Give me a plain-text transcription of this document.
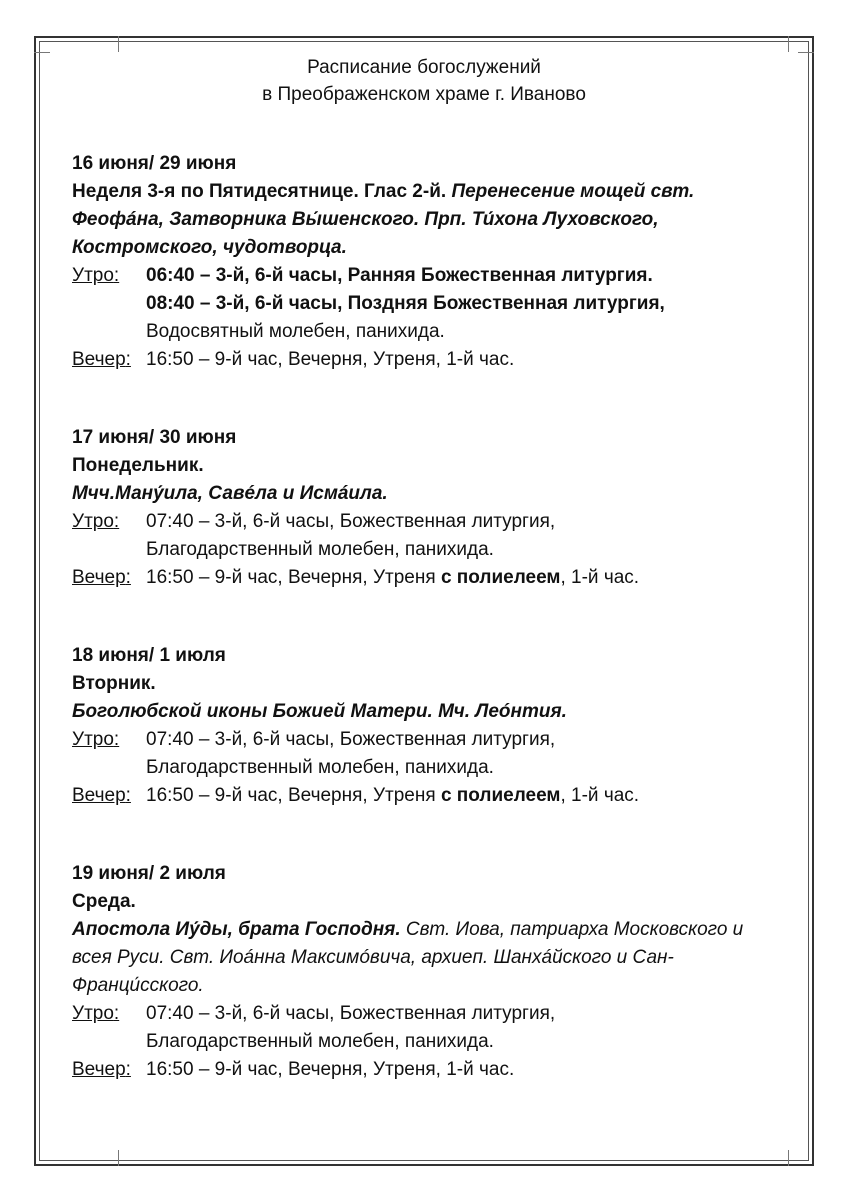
Расписание богослужений
в Преображенском храме г. Иваново
16 июня/ 29 июня
Неделя 3-я по Пятидесятнице. Глас 2-й. Перенесение мощей свт. Феофáна, Затворника Вы́шенского. Прп. Ти́хона Луховского, Костромского, чудотворца.
Утро: 06:40 – 3-й, 6-й часы, Ранняя Божественная литургия.
08:40 – 3-й, 6-й часы, Поздняя Божественная литургия,
Водосвятный молебен, панихида.
Вечер: 16:50 – 9-й час, Вечерня, Утреня, 1-й час.
17 июня/ 30 июня
Понедельник.
Мчч.Ману́ила, Савéла и Исмáила.
Утро: 07:40 – 3-й, 6-й часы, Божественная литургия,
Благодарственный молебен, панихида.
Вечер: 16:50 – 9-й час, Вечерня, Утреня с полиелеем, 1-й час.
18 июня/ 1 июля
Вторник.
Боголюбской иконы Божией Матери. Мч. Леóнтия.
Утро: 07:40 – 3-й, 6-й часы, Божественная литургия,
Благодарственный молебен, панихида.
Вечер: 16:50 – 9-й час, Вечерня, Утреня с полиелеем, 1-й час.
19 июня/ 2 июля
Среда.
Апостола Иу́ды, брата Господня. Свт. Иова, патриарха Московского и всея Руси. Свт. Иоáнна Максимóвича, архиеп. Шанхáйского и Сан-Франци́сского.
Утро: 07:40 – 3-й, 6-й часы, Божественная литургия,
Благодарственный молебен, панихида.
Вечер: 16:50 – 9-й час, Вечерня, Утреня, 1-й час.
